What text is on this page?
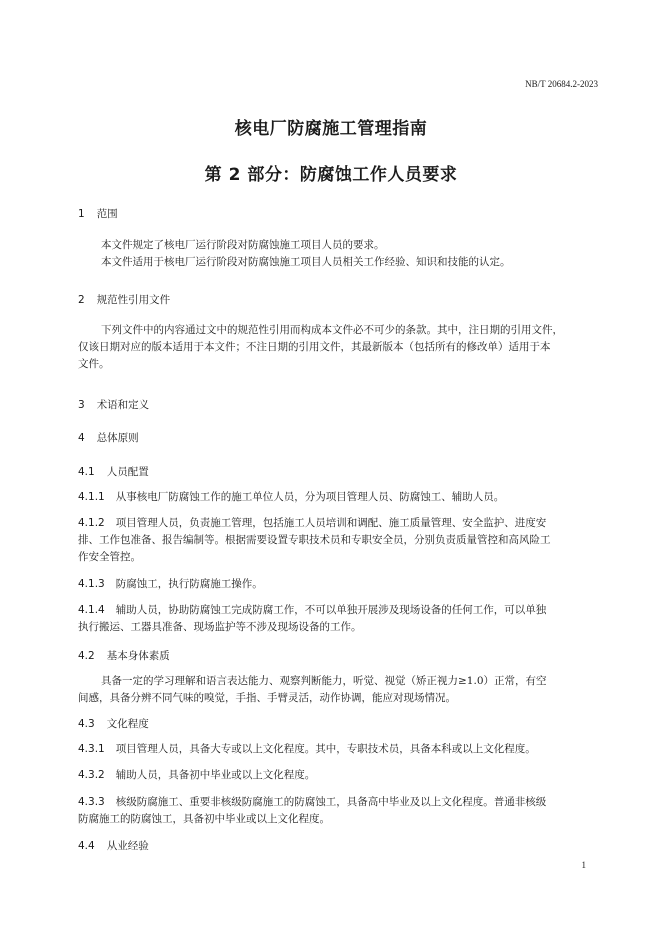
NB/T 20684.2-2023
核电厂防腐施工管理指南
第 2 部分：防腐蚀工作人员要求
1 范围
本文件规定了核电厂运行阶段对防腐蚀施工项目人员的要求。
本文件适用于核电厂运行阶段对防腐蚀施工项目人员相关工作经验、知识和技能的认定。
2 规范性引用文件
下列文件中的内容通过文中的规范性引用而构成本文件必不可少的条款。其中，注日期的引用文件，
仅该日期对应的版本适用于本文件；不注日期的引用文件，其最新版本（包括所有的修改单）适用于本
文件。
3 术语和定义
4 总体原则
4.1 人员配置
4.1.1 从事核电厂防腐蚀工作的施工单位人员，分为项目管理人员、防腐蚀工、辅助人员。
4.1.2 项目管理人员，负责施工管理，包括施工人员培训和调配、施工质量管理、安全监护、进度安
排、工作包准备、报告编制等。根据需要设置专职技术员和专职安全员，分别负责质量管控和高风险工
作安全管控。
4.1.3 防腐蚀工，执行防腐施工操作。
4.1.4 辅助人员，协助防腐蚀工完成防腐工作，不可以单独开展涉及现场设备的任何工作，可以单独
执行搬运、工器具准备、现场监护等不涉及现场设备的工作。
4.2 基本身体素质
具备一定的学习理解和语言表达能力、观察判断能力，听觉、视觉（矫正视力≥1.0）正常，有空
间感，具备分辨不同气味的嗅觉，手指、手臂灵活，动作协调，能应对现场情况。
4.3 文化程度
4.3.1 项目管理人员，具备大专或以上文化程度。其中，专职技术员，具备本科或以上文化程度。
4.3.2 辅助人员，具备初中毕业或以上文化程度。
4.3.3 核级防腐施工、重要非核级防腐施工的防腐蚀工，具备高中毕业及以上文化程度。普通非核级
防腐施工的防腐蚀工，具备初中毕业或以上文化程度。
4.4 从业经验
1
